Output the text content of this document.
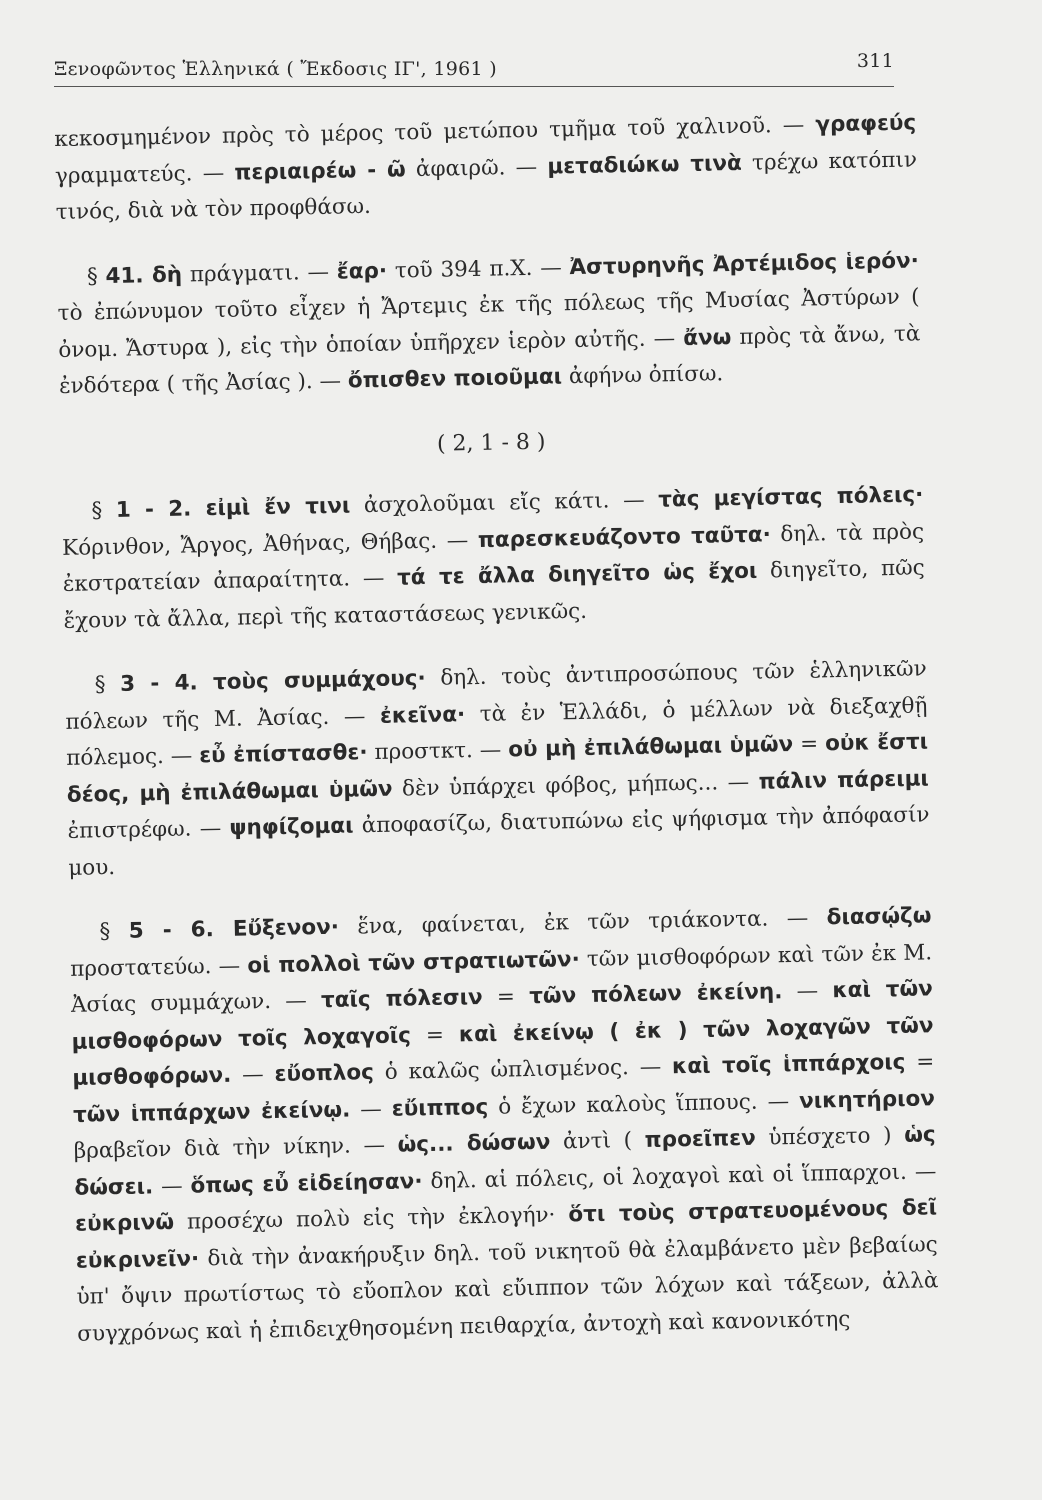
Ξενοφῶντος Ἑλληνικά ( Ἔκδοσις ΙΓ', 1961 )	311

κεκοσμημένον πρὸς τὸ μέρος τοῦ μετώπου τμῆμα τοῦ χαλινοῦ. — γραφεύς γραμματεύς. — περιαιρέω - ῶ ἀφαιρῶ. — μεταδιώκω τινὰ τρέχω κατόπιν τινός, διὰ νὰ τὸν προφθάσω.

§ 41. δὴ πράγματι. — ἔαρ· τοῦ 394 π.Χ. — Ἀστυρηνῆς Ἀρτέμιδος ἱερόν· τὸ ἐπώνυμον τοῦτο εἶχεν ἡ Ἄρτεμις ἐκ τῆς πόλεως τῆς Μυσίας Ἀστύρων ( ὀνομ. Ἄστυρα ), εἰς τὴν ὁποίαν ὑπῆρχεν ἱερὸν αὐτῆς. — ἄνω πρὸς τὰ ἄνω, τὰ ἐνδότερα ( τῆς Ἀσίας ). — ὄπισθεν ποιοῦμαι ἀφήνω ὀπίσω.

( 2, 1 - 8 )

§ 1 - 2. εἰμὶ ἔν τινι ἀσχολοῦμαι εἴς κάτι. — τὰς μεγίστας πόλεις· Κόρινθον, Ἄργος, Ἀθήνας, Θήβας. — παρεσκευάζοντο ταῦτα· δηλ. τὰ πρὸς ἐκστρατείαν ἀπαραίτητα. — τά τε ἄλλα διηγεῖτο ὡς ἔχοι διηγεῖτο, πῶς ἔχουν τὰ ἄλλα, περὶ τῆς καταστάσεως γενικῶς.

§ 3 - 4. τοὺς συμμάχους· δηλ. τοὺς ἀντιπροσώπους τῶν ἑλληνικῶν πόλεων τῆς Μ. Ἀσίας. — ἐκεῖνα· τὰ ἐν Ἑλλάδι, ὁ μέλλων νὰ διεξαχθῇ πόλεμος. — εὖ ἐπίστασθε· προστκτ. — οὐ μὴ ἐπιλάθωμαι ὑμῶν = οὐκ ἔστι δέος, μὴ ἐπιλάθωμαι ὑμῶν δὲν ὑπάρχει φόβος, μήπως... — πάλιν πάρειμι ἐπιστρέφω. — ψηφίζομαι ἀποφασίζω, διατυπώνω εἰς ψήφισμα τὴν ἀπόφασίν μου.

§ 5 - 6. Εὔξενον· ἕνα, φαίνεται, ἐκ τῶν τριάκοντα. — διασῴζω προστατεύω. — οἱ πολλοὶ τῶν στρατιωτῶν· τῶν μισθοφόρων καὶ τῶν ἐκ Μ. Ἀσίας συμμάχων. — ταῖς πόλεσιν = τῶν πόλεων ἐκείνη. — καὶ τῶν μισθοφόρων τοῖς λοχαγοῖς = καὶ ἐκείνῳ ( ἐκ ) τῶν λοχαγῶν τῶν μισθοφόρων. — εὔοπλος ὁ καλῶς ὡπλισμένος. — καὶ τοῖς ἱππάρχοις = τῶν ἱππάρχων ἐκείνῳ. — εὔιππος ὁ ἔχων καλοὺς ἵππους. — νικητήριον βραβεῖον διὰ τὴν νίκην. — ὡς... δώσων ἀντὶ ( προεῖπεν ὑπέσχετο ) ὡς δώσει. — ὅπως εὖ εἰδείησαν· δηλ. αἱ πόλεις, οἱ λοχαγοὶ καὶ οἱ ἵππαρχοι. — εὐκρινῶ προσέχω πολὺ εἰς τὴν ἐκλογήν· ὅτι τοὺς στρατευομένους δεῖ εὐκρινεῖν· διὰ τὴν ἀνακήρυξιν δηλ. τοῦ νικητοῦ θὰ ἐλαμβάνετο μὲν βεβαίως ὑπ' ὄψιν πρωτίστως τὸ εὔοπλον καὶ εὔιππον τῶν λόχων καὶ τάξεων, ἀλλὰ συγχρόνως καὶ ἡ ἐπιδειχθησομένη πειθαρχία, ἀντοχὴ καὶ κανονικότης
